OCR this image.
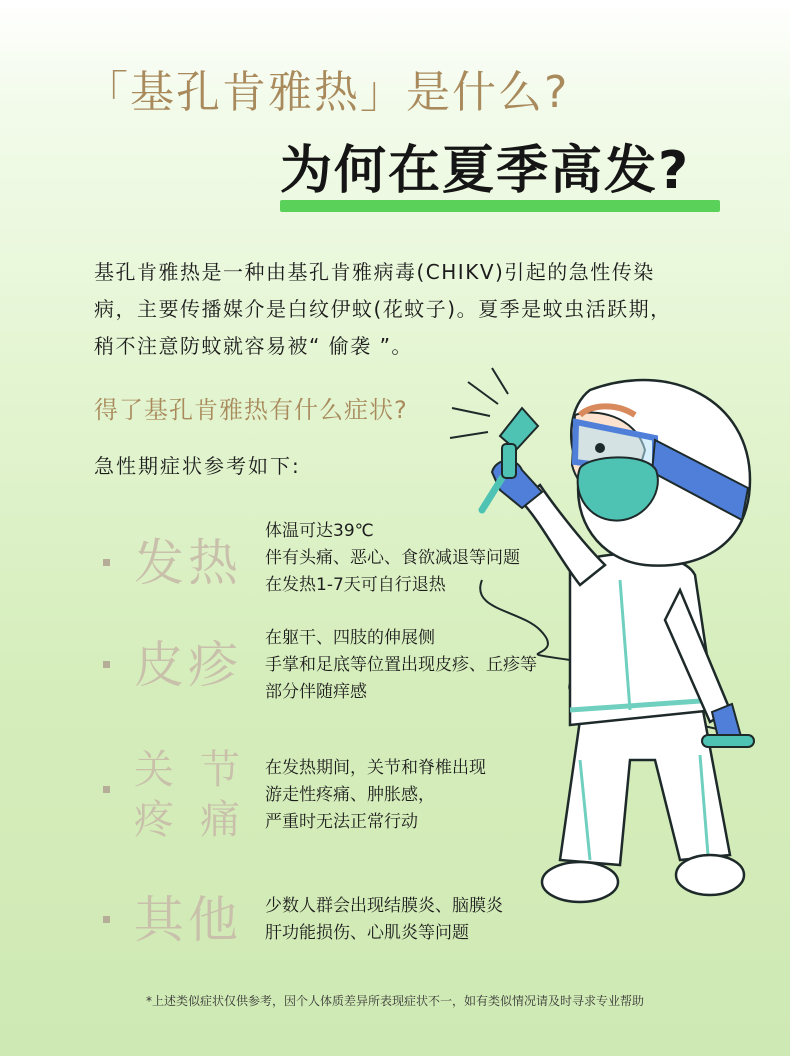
「基孔肯雅热」是什么?
为何在夏季高发?

基孔肯雅热是一种由基孔肯雅病毒(CHIKV)引起的急性传染

病，主要传播媒介是白纹伊蚊(花蚊子)。夏季是蚊虫活跃期，

稍不注意防蚊就容易被“ 偷袭 ”。

得了基孔肯雅热有什么症状?
急性期症状参考如下:
发热
体温可达39℃
伴有头痛、恶心、食欲减退等问题
在发热1-7天可自行退热
皮疹 在躯干、四肢的伸展侧
手掌和足底等位置出现皮疹、丘疹等
部分伴随痒感
关节
疼痛
在发热期间，关节和脊椎出现
游走性疼痛、肿胀感，
严重时无法正常行动
其他 少数人群会出现结膜炎、脑膜炎
肝功能损伤、心肌炎等问题
*上述类似症状仅供参考，因个人体质差异所表现症状不一，如有类似情况请及时寻求专业帮助
